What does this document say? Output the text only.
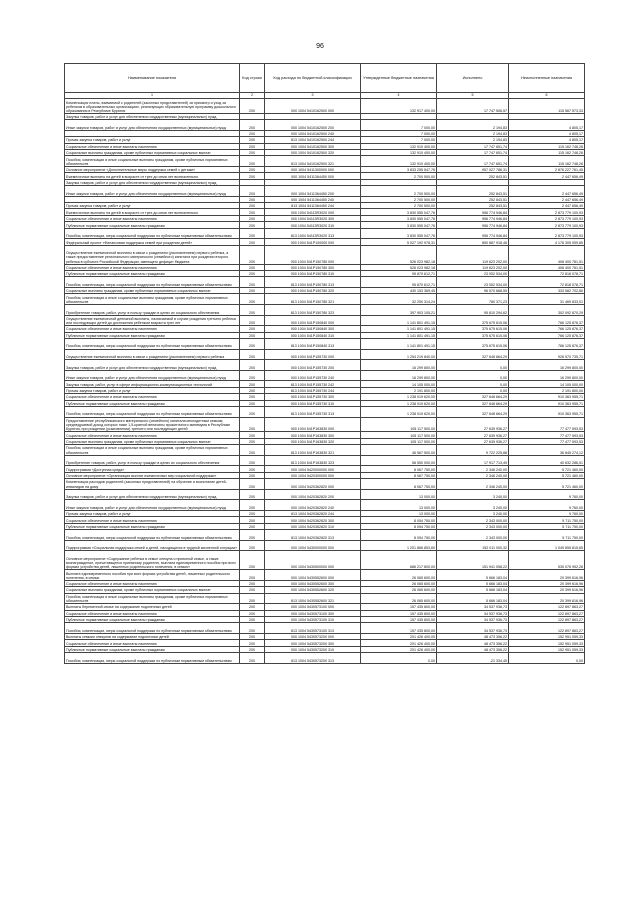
96
Наименование показателя	Код строки	Код расхода по бюджетной классификации	Утвержденные бюджетные назначения	Исполнено	Неисполненные назначения
1	2	3	4	5	6
Компенсация платы, взимаемой с родителей (законных представителей) за присмотр и уход за ребенком в образовательных организациях, реализующих образовательную программу дошкольного образования в Республике Бурятия	200	000 1004 5410162500 000	132 917 400,00	17 747 506,57	115 567 573,33
Закупка товаров, работ и услуг для обеспечения государственных (муниципальных) нужд					
Иные закупки товаров, работ и услуг для обеспечения государственных (муниципальных) нужд	200	000 1004 5410162500 200	7 000,00	2 194,83	4 805,17
	200	000 1004 5410162500 240	7 000,00	2 194,83	4 805,17
Прочая закупка товаров, работ и услуг	200	813 1004 5410162500 244	7 000,00	2 194,83	4 805,17
Социальное обеспечение и иные выплаты населению	200	000 1004 5410162500 300	132 910 400,00	17 747 651,74	115 162 748,26
Социальные выплаты гражданам, кроме публичных нормативных социальных выплат	200	000 1004 5410162500 320	132 910 400,00	17 747 651,74	115 162 748,26
Пособия, компенсации и иные социальные выплаты гражданам, кроме публичных нормативных обязательств	200	813 1004 5410162500 321	132 910 400,00	17 747 651,74	115 162 748,26
Основное мероприятие «Дополнительные меры поддержки семей с детьми»	200	000 1004 5411300000 000	3 833 255 547,76	957 027 786,31	2 876 227 761,45
Ежемесячные выплаты на детей в возрасте от трех до семи лет включительно	200	000 1004 5411364450 000	2 700 500,00	252 843,51	2 447 656,49
Закупка товаров, работ и услуг для обеспечения государственных (муниципальных) нужд					
Иные закупки товаров, работ и услуг для обеспечения государственных (муниципальных) нужд	200	000 1004 5411364450 200	2 700 500,00	252 843,51	2 447 656,49
	200	000 1004 5411364450 240	2 700 500,00	252 843,51	2 447 656,49
Прочая закупка товаров, работ и услуг	200	813 1004 5411364450 244	2 700 500,00	252 843,51	2 447 656,49
Ежемесячные выплаты на детей в возрасте от трех до семи лет включительно	200	000 1004 54113R3020 000	3 830 555 047,76	956 774 946,84	2 873 779 100,93
Социальное обеспечение и иные выплаты населению	200	000 1004 54113R3020 300	3 830 555 047,76	956 774 946,84	2 873 779 100,93
Публичные нормативные социальные выплаты гражданам	200	000 1004 54113R3020 310	3 830 555 047,76	956 774 946,84	2 873 779 100,93
Пособия, компенсации, меры социальной поддержки по публичным нормативным обязательствам	200	813 1004 54113R3020 313	3 830 555 047,76	956 774 946,84	2 873 779 100,93
Федеральный проект «Финансовая поддержка семей при рождении детей»	200	000 1004 541P100000 000	5 027 192 978,31	850 887 918,46	4 176 305 059,85
Осуществление ежемесячной выплаты в связи с рождением (усыновлением) первого ребенка, а также предоставление регионального материнского (семейного) капитала при рождении второго ребенка в субъекте Российской Федерации, имеющего дефицит бюджета	200	000 1004 541P150780 000	526 023 982,18	119 623 202,00	406 400 781,51
Социальное обеспечение и иные выплаты населению	200	000 1004 541P150780 300	526 023 982,18	119 623 202,00	406 400 781,51
Публичные нормативные социальные выплаты гражданам	200	000 1004 541P150780 310	95 870 612,71	23 052 534,00	72 818 078,71
Пособия, компенсации, меры социальной поддержки по публичным нормативным обязательствам	200	813 1004 541P150780 313	95 870 612,71	23 052 534,00	72 818 078,71
Социальные выплаты гражданам, кроме публичных нормативных социальных выплат	200	000 1004 541P150780 320	430 153 369,45	96 570 668,55	333 582 702,80
Пособия, компенсации и иные социальные выплаты гражданам, кроме публичных нормативных обязательств	200	813 1004 541P150780 321	32 250 314,24	780 371,23	31 469 833,01
Приобретение товаров, работ, услуг в пользу граждан в целях их социального обеспечения	200	813 1004 541P150780 323	397 903 105,21	95 810 294,62	302 092 870,29
Осуществление ежемесячной денежной выплаты, назначаемой в случае рождения третьего ребенка или последующих детей до достижения ребенком возраста трех лет	200	000 1004 541P150840 000	1 141 801 491,15	375 675 615,06	766 125 876,37
Социальное обеспечение и иные выплаты населению	200	000 1004 541P150840 300	1 141 801 491,15	375 675 615,06	766 125 876,37
Публичные нормативные социальные выплаты гражданам	200	000 1004 541P150840 310	1 141 801 491,15	375 675 615,06	766 125 876,37
Пособия, компенсации, меры социальной поддержки по публичным нормативным обязательствам	200	813 1004 541P150840 313	1 141 801 491,15	375 675 615,06	766 125 876,37
Осуществление ежемесячной выплаты в связи с рождением (усыновлением) первого ребенка	200	000 1004 541P155730 000	1 254 219 840,00	327 648 664,29	926 570 735,71
Закупка товаров, работ и услуг для обеспечения государственных (муниципальных) нужд	200	000 1004 541P155730 200	16 299 800,00	0,00	16 299 800,00
Иные закупки товаров, работ и услуг для обеспечения государственных (муниципальных) нужд	200	000 1004 541P155730 240	16 299 800,00	0,00	16 299 800,00
Закупка товаров, работ, услуг в сфере информационно-коммуникационных технологий	200	813 1004 541P155730 242	14 105 000,00	0,00	14 105 000,00
Прочая закупка товаров, работ и услуг	200	813 1004 541P155730 244	2 191 800,00	0,00	2 191 800,00
Социальное обеспечение и иные выплаты населению	200	000 1004 541P155730 300	1 238 019 620,00	327 648 664,29	910 363 955,71
Публичные нормативные социальные выплаты гражданам	200	000 1004 541P155730 310	1 238 019 620,00	327 648 664,29	910 363 955,71
Пособия, компенсации, меры социальной поддержки по публичным нормативным обязательствам	200	813 1004 541P155730 313	1 238 019 620,00	327 648 664,29	910 363 955,71
Предоставление республиканского материнского (семейного) капитала многодетным семьям, среднедушевой доход которых ниже 1,5-кратной величины прожиточного минимума в Республике Бурятия, при рождении (усыновлении) третьего или последующих детей	200	000 1004 541P163830 000	105 117 500,00	27 639 936,27	77 477 593,53
Социальное обеспечение и иные выплаты населению	200	000 1004 541P163830 300	105 117 500,00	27 639 936,27	77 477 593,53
Социальные выплаты гражданам, кроме публичных нормативных социальных выплат	200	000 1004 541P163830 320	105 117 500,00	27 639 936,27	77 477 593,53
Пособия, компенсации и иные социальные выплаты гражданам, кроме публичных нормативных обязательств	200	813 1004 541P163830 321	46 567 500,00	9 722 225,88	36 845 274,12
Приобретение товаров, работ, услуг в пользу граждан в целях их социального обеспечения	200	813 1004 541P163830 323	58 550 000,00	17 917 713,49	40 632 286,51
Подпрограмма «Доступная среда»	200	000 1004 5420000000 000	8 067 750,00	2 346 240,00	5 721 460,00
Основное мероприятие «Организация выплат ежемесячных мер социальной поддержки»	200	000 1004 5420300000 000	8 067 750,00	2 346 240,00	5 721 460,00
Компенсация расходов родителей (законных представителей) на обучение и воспитание детей-инвалидов на дому	200	000 1004 5420362820 000	8 067 750,00	2 346 240,00	5 721 460,00
Закупка товаров, работ и услуг для обеспечения государственных (муниципальных) нужд	200	000 1004 5420362820 200	13 000,00	3 240,00	9 760,00
Иные закупки товаров, работ и услуг для обеспечения государственных (муниципальных) нужд	200	000 1004 5420362820 240	13 000,00	3 240,00	9 760,00
Прочая закупка товаров, работ и услуг	200	813 1004 5420362820 244	13 000,00	3 240,00	9 760,00
Социальное обеспечение и иные выплаты населению	200	000 1004 5420362820 300	8 054 750,00	2 343 000,00	5 711 750,00
Публичные нормативные социальные выплаты гражданам	200	000 1004 5420362820 310	8 054 750,00	2 343 000,00	5 711 750,00
Пособия, компенсации, меры социальной поддержки по публичным нормативным обязательствам	200	813 1004 5420362820 313	8 054 750,00	2 343 000,00	5 711 750,00
Подпрограмма «Социальная поддержка семей и детей, находящихся в трудной жизненной ситуации»	200	000 1004 5430000000 000	1 201 866 853,60	152 011 000,32	1 049 855 815,65
Основное мероприятие «Содержание ребенка в семье опекуна и приемной семье, а также вознаграждение, причитающееся приемному родителю, выплата единовременного пособия при всех формах устройства детей, лишенных родительского попечения, в семью»	200	000 1004 5430500000 000	686 217 800,00	151 941 058,22	535 076 952,28
Выплата единовременного пособия при всех формах устройства детей, лишенных родительского попечения, в семью	200	000 1004 5430552600 000	26 065 600,00	5 666 183,04	20 399 616,96
Социальное обеспечение и иные выплаты населению	200	000 1004 5430552600 300	26 065 600,00	5 666 183,04	20 399 616,96
Социальные выплаты гражданам, кроме публичных нормативных социальных выплат	200	000 1004 5430552600 320	26 065 600,00	5 666 183,04	20 399 616,96
Пособия, компенсации и иные социальные выплаты гражданам, кроме публичных нормативных обязательств	200	813 1004 5430552600 321	26 065 600,00	5 666 183,04	20 399 616,96
Выплаты беременной семье на содержание подопечных детей	200	000 1004 5430573100 000	157 435 800,00	34 537 936,73	122 897 863,27
Социальное обеспечение и иные выплаты населению	200	000 1004 5430573100 300	157 435 800,00	34 537 936,73	122 897 863,27
Публичные нормативные социальные выплаты гражданам	200	000 1004 5430573100 310	157 435 800,00	34 537 936,73	122 897 863,27
Пособия, компенсации, меры социальной поддержки по публичным нормативным обязательствам	200	813 1004 5430573100 313	157 435 800,00	34 537 936,73	122 897 863,27
Выплаты семьям опекунов на содержание подопечных детей	200	000 1004 5430573200 000	201 426 400,00	48 473 356,22	152 951 059,33
Социальное обеспечение и иные выплаты населению	200	000 1004 5430573200 300	201 426 400,00	48 473 356,22	152 951 059,33
Публичные нормативные социальные выплаты гражданам	200	000 1004 5430573200 310	201 426 400,00	48 473 356,22	152 951 059,33
Пособия, компенсации, меры социальной поддержки по публичным нормативным обязательствам	200	813 1004 5430573200 313	0,00	-21 334,45	0,00
